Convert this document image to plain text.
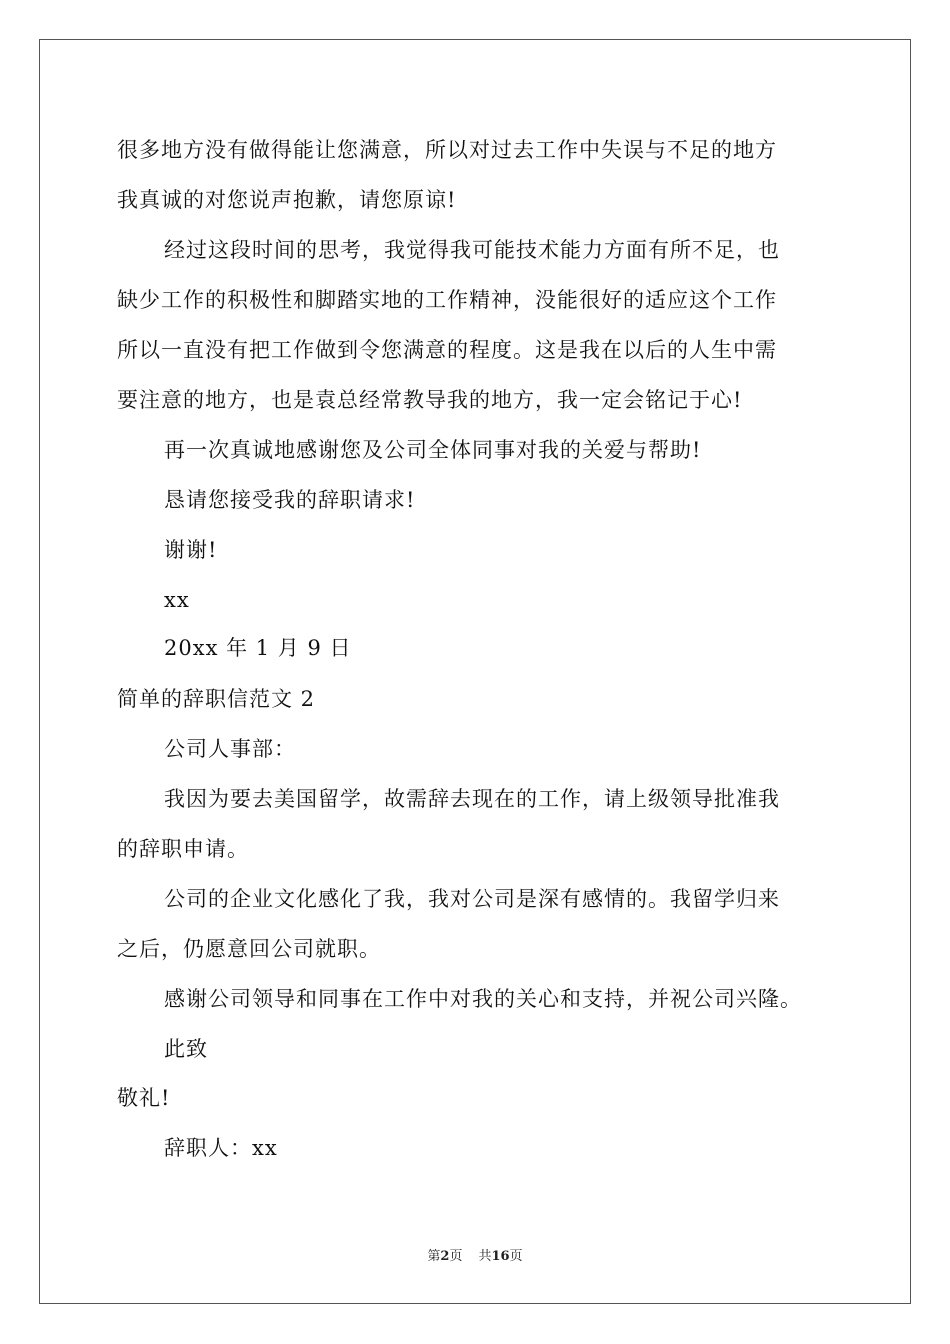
很多地方没有做得能让您满意，所以对过去工作中失误与不足的地方
我真诚的对您说声抱歉，请您原谅!
经过这段时间的思考，我觉得我可能技术能力方面有所不足，也
缺少工作的积极性和脚踏实地的工作精神，没能很好的适应这个工作
所以一直没有把工作做到令您满意的程度。这是我在以后的人生中需
要注意的地方，也是袁总经常教导我的地方，我一定会铭记于心!
再一次真诚地感谢您及公司全体同事对我的关爱与帮助!
恳请您接受我的辞职请求!
谢谢!
xx
20xx 年 1 月 9 日
简单的辞职信范文 2
公司人事部：
我因为要去美国留学，故需辞去现在的工作，请上级领导批准我
的辞职申请。
公司的企业文化感化了我，我对公司是深有感情的。我留学归来
之后，仍愿意回公司就职。
感谢公司领导和同事在工作中对我的关心和支持，并祝公司兴隆。
此致
敬礼!
辞职人：xx
第2页 共16页
